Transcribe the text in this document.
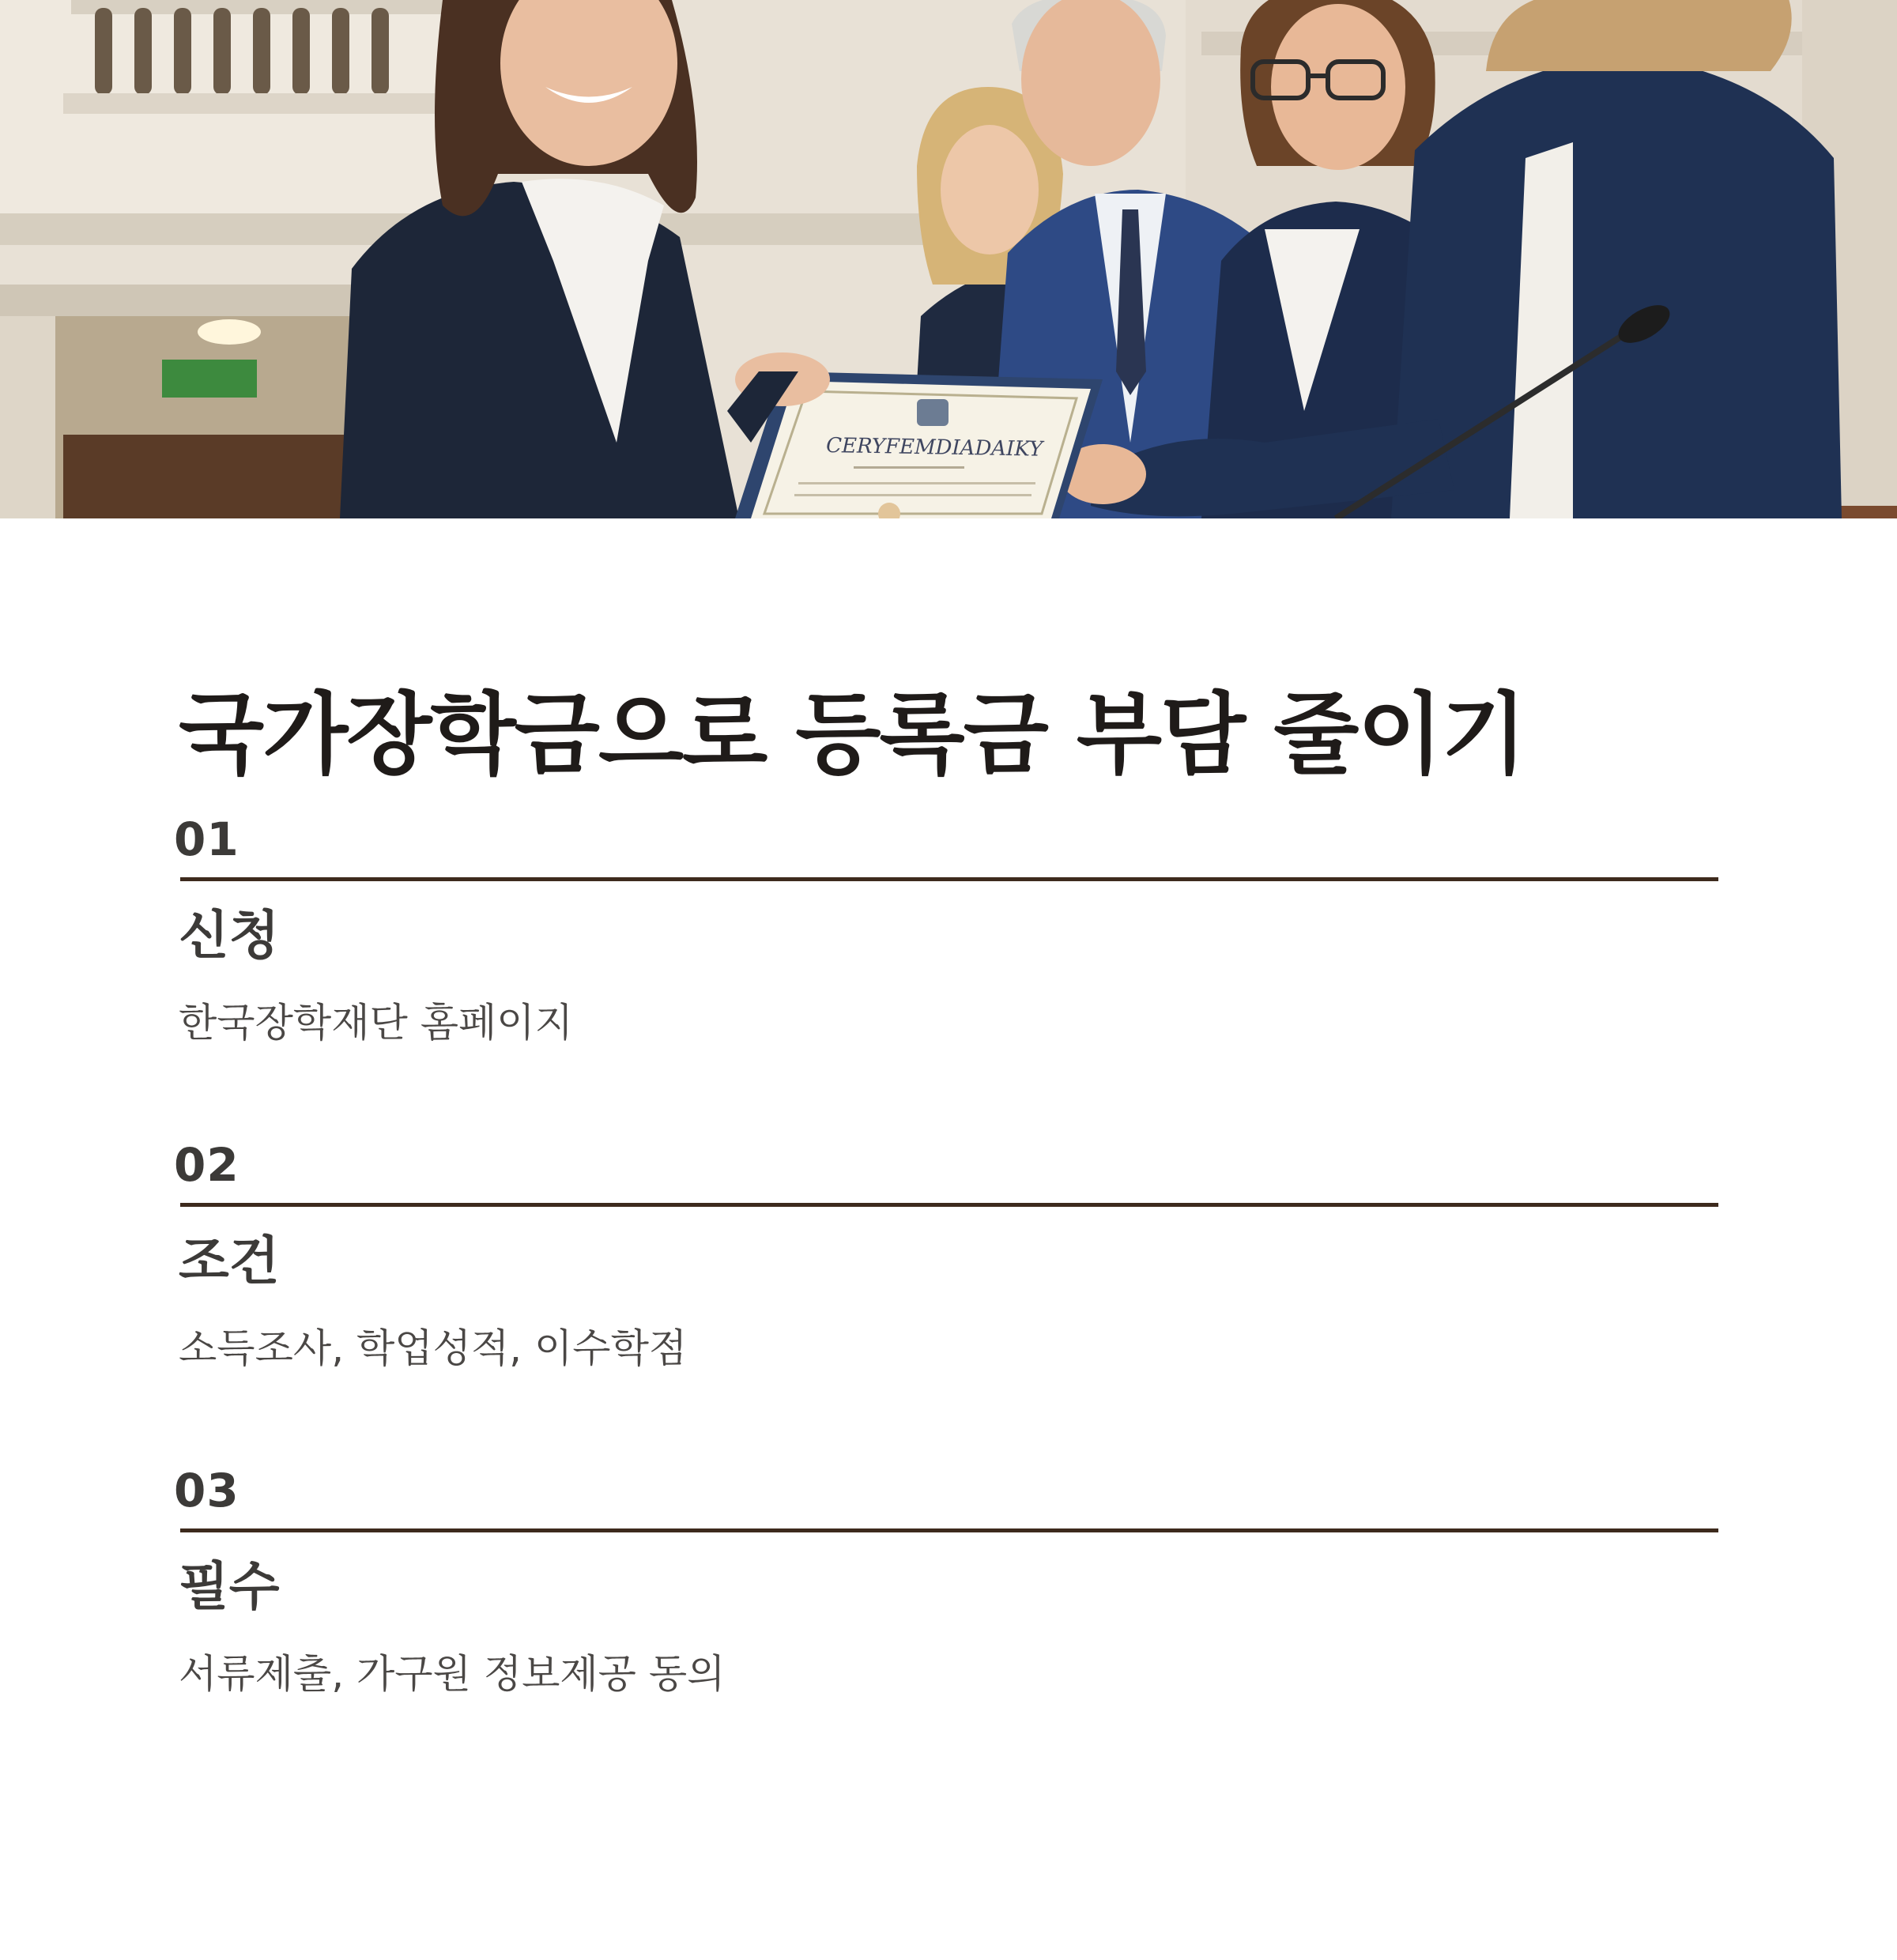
CERYFEMDIADAIKY
국가장학금으로 등록금 부담 줄이기
01
신청
한국장학재단 홈페이지
02
조건
소득조사, 학업성적, 이수학점
03
필수
서류제출, 가구원 정보제공 동의
